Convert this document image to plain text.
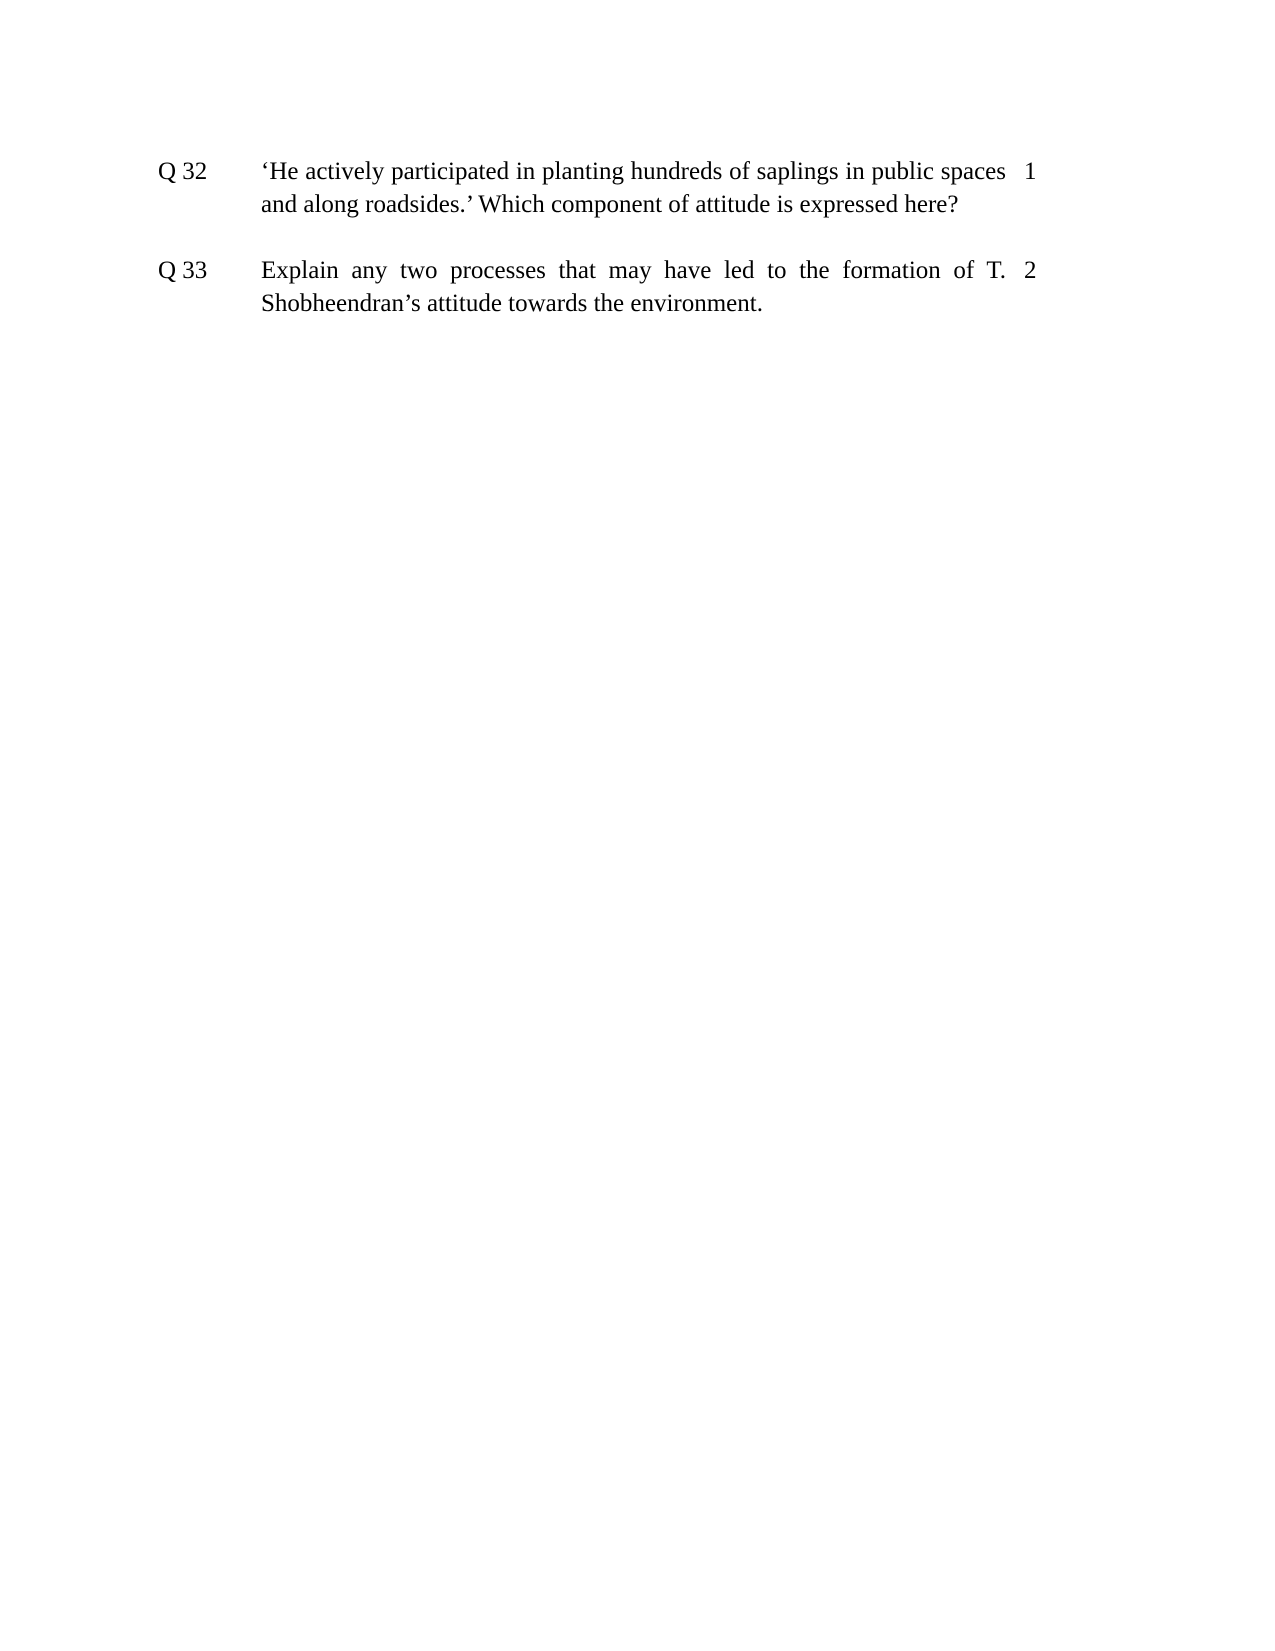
Q 32	‘He actively participated in planting hundreds of saplings in public spaces and along roadsides.’ Which component of attitude is expressed here?
1
Q 33	Explain any two processes that may have led to the formation of T. Shobheendran’s attitude towards the environment.
2
